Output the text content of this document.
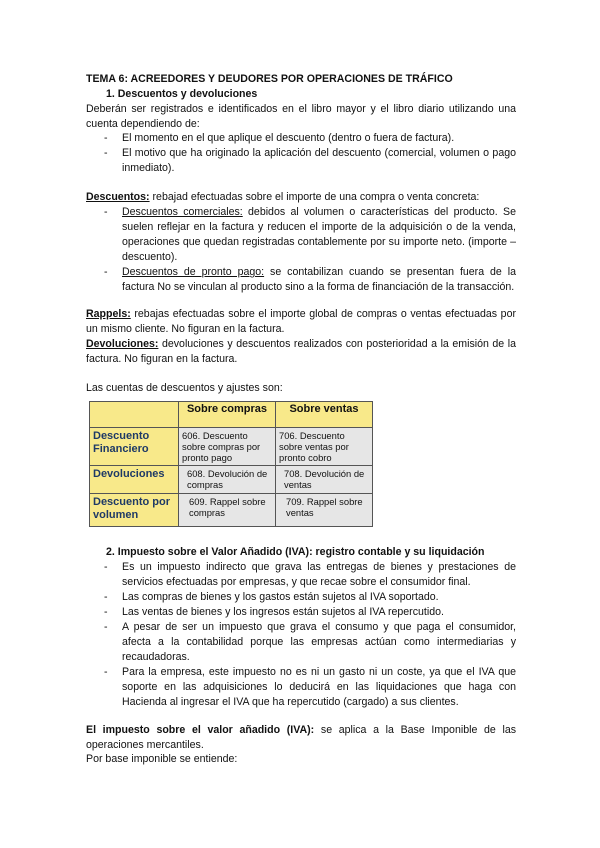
TEMA 6: ACREEDORES Y DEUDORES POR OPERACIONES DE TRÁFICO
1. Descuentos y devoluciones
Deberán ser registrados e identificados en el libro mayor y el libro diario utilizando una
cuenta dependiendo de:
- El momento en el que aplique el descuento (dentro o fuera de factura).
- El motivo que ha originado la aplicación del descuento (comercial, volumen o pago inmediato).
Descuentos: rebajad efectuadas sobre el importe de una compra o venta concreta:
- Descuentos comerciales: debidos al volumen o características del producto. Se suelen reflejar en la factura y reducen el importe de la adquisición o de la venda, operaciones que quedan registradas contablemente por su importe neto. (importe – descuento).
- Descuentos de pronto pago: se contabilizan cuando se presentan fuera de la factura No se vinculan al producto sino a la forma de financiación de la transacción.
Rappels: rebajas efectuadas sobre el importe global de compras o ventas efectuadas por un mismo cliente. No figuran en la factura.
Devoluciones: devoluciones y descuentos realizados con posterioridad a la emisión de la factura. No figuran en la factura.
Las cuentas de descuentos y ajustes son:
	Sobre compras	Sobre ventas
Descuento Financiero	606. Descuento sobre compras por pronto pago	706. Descuento sobre ventas por pronto cobro
Devoluciones	608. Devolución de compras	708. Devolución de ventas
Descuento por volumen	609. Rappel sobre compras	709. Rappel sobre ventas
2. Impuesto sobre el Valor Añadido (IVA): registro contable y su liquidación
- Es un impuesto indirecto que grava las entregas de bienes y prestaciones de servicios efectuadas por empresas, y que recae sobre el consumidor final.
- Las compras de bienes y los gastos están sujetos al IVA soportado.
- Las ventas de bienes y los ingresos están sujetos al IVA repercutido.
- A pesar de ser un impuesto que grava el consumo y que paga el consumidor, afecta a la contabilidad porque las empresas actúan como intermediarias y recaudadoras.
- Para la empresa, este impuesto no es ni un gasto ni un coste, ya que el IVA que soporte en las adquisiciones lo deducirá en las liquidaciones que haga con Hacienda al ingresar el IVA que ha repercutido (cargado) a sus clientes.
El impuesto sobre el valor añadido (IVA): se aplica a la Base Imponible de las operaciones mercantiles.
Por base imponible se entiende:
